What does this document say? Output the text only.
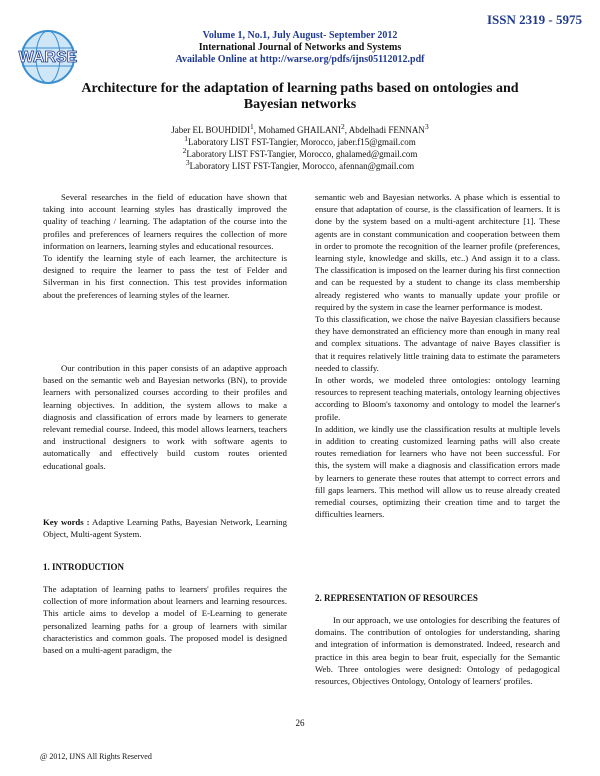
WARSE
ISSN 2319 - 5975
Volume 1, No.1, July August- September 2012
International Journal of Networks and Systems
Available Online at http://warse.org/pdfs/ijns05112012.pdf
Architecture for the adaptation of learning paths based on ontologies and
Bayesian networks
Jaber EL BOUHDIDI$^1$, Mohamed GHAILANI$^2$, Abdelhadi FENNAN$^3$
$^1$Laboratory LIST FST-Tangier, Morocco, jaber.f15@gmail.com
$^2$Laboratory LIST FST-Tangier, Morocco, ghalamed@gmail.com
$^3$Laboratory LIST FST-Tangier, Morocco, afennan@gmail.com

Several researches in the field of education have shown that taking into account learning styles has drastically improved the quality of teaching / learning. The adaptation of the course into the profiles and preferences of learners requires the collection of more information on learners, learning styles and educational resources.

To identify the learning style of each learner, the architecture is designed to require the learner to pass the test of Felder and Silverman in his first connection. This test provides information about the preferences of learning styles of the learner.

Our contribution in this paper consists of an adaptive approach based on the semantic web and Bayesian networks (BN), to provide learners with personalized courses according to their profiles and learning objectives. In addition, the system allows to make a diagnosis and classification of errors made by learners to generate relevant remedial course. Indeed, this model allows learners, teachers and instructional designers to work with software agents to automatically and effectively build custom routes oriented educational goals.

Key words : Adaptive Learning Paths, Bayesian Network, Learning Object, Multi-agent System.

1. INTRODUCTION

The adaptation of learning paths to learners' profiles requires the collection of more information about learners and learning resources. This article aims to develop a model of E-Learning to generate personalized learning paths for a group of learners with similar characteristics and common goals. The proposed model is designed based on a multi-agent paradigm, the

semantic web and Bayesian networks. A phase which is essential to ensure that adaptation of course, is the classification of learners. It is done by the system based on a multi-agent architecture [1]. These agents are in constant communication and cooperation between them in order to promote the recognition of the learner profile (preferences, learning style, knowledge and skills, etc..) And assign it to a class. The classification is imposed on the learner during his first connection and can be requested by a student to change its class membership already registered who wants to manually update your profile or required by the system in case the learner performance is modest.

To this classification, we chose the naïve Bayesian classifiers because they have demonstrated an efficiency more than enough in many real and complex situations. The advantage of naive Bayes classifier is that it requires relatively little training data to estimate the parameters needed to classify.

In other words, we modeled three ontologies: ontology learning resources to represent teaching materials, ontology learning objectives according to Bloom's taxonomy and ontology to model the learner's profile.

In addition, we kindly use the classification results at multiple levels in addition to creating customized learning paths will also create routes remediation for learners who have not been successful. For this, the system will make a diagnosis and classification errors made by learners to generate these routes that attempt to correct errors and fill gaps learners. This method will allow us to reuse already created remedial courses, optimizing their creation time and to target the difficulties learners.

2. REPRESENTATION OF RESOURCES

In our approach, we use ontologies for describing the features of domains. The contribution of ontologies for understanding, sharing and integration of information is demonstrated. Indeed, research and practice in this area begin to bear fruit, especially for the Semantic Web. Three ontologies were designed: Ontology of pedagogical resources, Objectives Ontology, Ontology of learners' profiles.

26
@ 2012, IJNS All Rights Reserved
